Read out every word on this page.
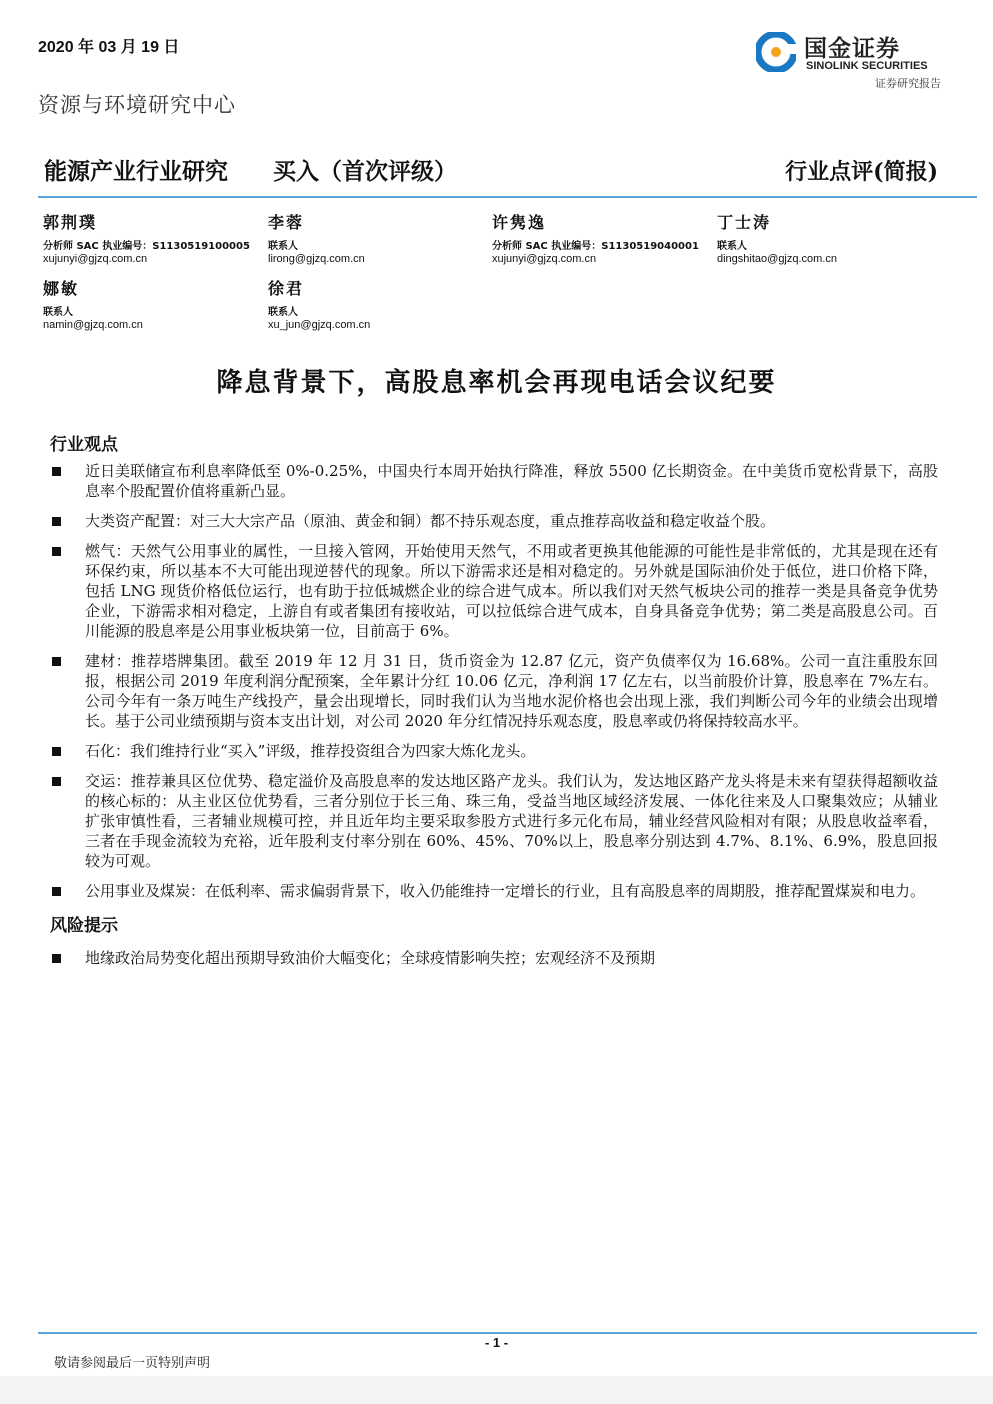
2020 年 03 月 19 日	国金证券
SINOLINK SECURITIES
证券研究报告
资源与环境研究中心
能源产业行业研究 买入（首次评级）	行业点评(简报)
郭荆璞
分析师 SAC 执业编号：S1130519100005
xujunyi@gjzq.com.cn
李蓉
联系人
lirong@gjzq.com.cn
许隽逸
分析师 SAC 执业编号：S1130519040001
xujunyi@gjzq.com.cn
丁士涛
联系人
dingshitao@gjzq.com.cn
娜敏
联系人
namin@gjzq.com.cn
徐君
联系人
xu_jun@gjzq.com.cn
降息背景下，高股息率机会再现电话会议纪要
行业观点
近日美联储宣布利息率降低至 0%-0.25%，中国央行本周开始执行降准，释放 5500 亿长期资金。在中美货币宽松背景下，高股息率个股配置价值将重新凸显。
大类资产配置：对三大大宗产品（原油、黄金和铜）都不持乐观态度，重点推荐高收益和稳定收益个股。
燃气：天然气公用事业的属性，一旦接入管网，开始使用天然气，不用或者更换其他能源的可能性是非常低的，尤其是现在还有环保约束，所以基本不大可能出现逆替代的现象。所以下游需求还是相对稳定的。另外就是国际油价处于低位，进口价格下降，包括 LNG 现货价格低位运行，也有助于拉低城燃企业的综合进气成本。所以我们对天然气板块公司的推荐一类是具备竞争优势企业，下游需求相对稳定，上游自有或者集团有接收站，可以拉低综合进气成本，自身具备竞争优势；第二类是高股息公司。百川能源的股息率是公用事业板块第一位，目前高于 6%。
建材：推荐塔牌集团。截至 2019 年 12 月 31 日，货币资金为 12.87 亿元，资产负债率仅为 16.68%。公司一直注重股东回报，根据公司 2019 年度利润分配预案，全年累计分红 10.06 亿元，净利润 17 亿左右，以当前股价计算，股息率在 7%左右。公司今年有一条万吨生产线投产，量会出现增长，同时我们认为当地水泥价格也会出现上涨，我们判断公司今年的业绩会出现增长。基于公司业绩预期与资本支出计划，对公司 2020 年分红情况持乐观态度，股息率或仍将保持较高水平。
石化：我们维持行业“买入”评级，推荐投资组合为四家大炼化龙头。
交运：推荐兼具区位优势、稳定溢价及高股息率的发达地区路产龙头。我们认为，发达地区路产龙头将是未来有望获得超额收益的核心标的：从主业区位优势看，三者分别位于长三角、珠三角，受益当地区域经济发展、一体化往来及人口聚集效应；从辅业扩张审慎性看，三者辅业规模可控，并且近年均主要采取参股方式进行多元化布局，辅业经营风险相对有限；从股息收益率看，三者在手现金流较为充裕，近年股利支付率分别在 60%、45%、70%以上，股息率分别达到 4.7%、8.1%、6.9%，股息回报较为可观。
公用事业及煤炭：在低利率、需求偏弱背景下，收入仍能维持一定增长的行业，且有高股息率的周期股，推荐配置煤炭和电力。
风险提示
地缘政治局势变化超出预期导致油价大幅变化；全球疫情影响失控；宏观经济不及预期
- 1 -
敬请参阅最后一页特别声明
